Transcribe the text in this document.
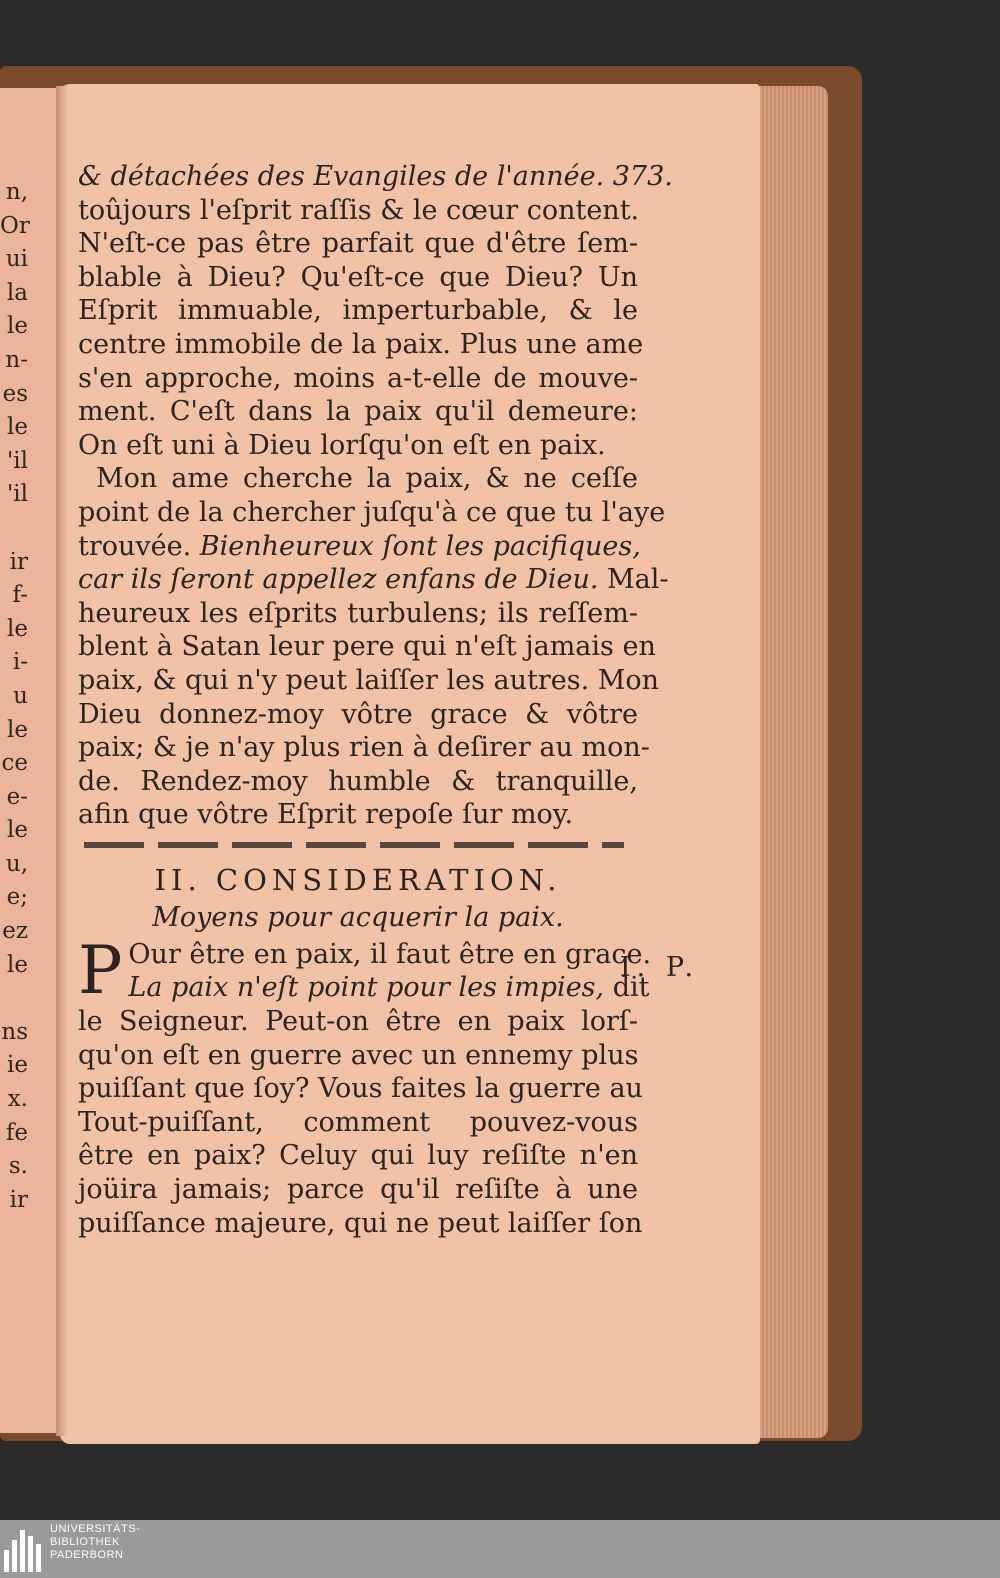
n,
Or
ui
la
le
n-
es
le
'il
'il
ir
f-
le
i-
u
le
ce
e-
le
u,
e;
ez
le
ns
ie
x.
fe
s.
ir
& détachées des Evangiles de l'année. 373.
toûjours l'eſprit raſſis & le cœur content.
N'eſt-ce pas être parfait que d'être ſem-
blable à Dieu? Qu'eſt-ce que Dieu? Un
Eſprit immuable, imperturbable, & le
centre immobile de la paix. Plus une ame
s'en approche, moins a-t-elle de mouve-
ment. C'eſt dans la paix qu'il demeure:
On eſt uni à Dieu lorſqu'on eſt en paix.
Mon ame cherche la paix, & ne ceſſe
point de la chercher juſqu'à ce que tu l'aye
trouvée. Bienheureux ſont les pacifiques,
car ils ſeront appellez enfans de Dieu. Mal-
heureux les eſprits turbulens; ils reſſem-
blent à Satan leur pere qui n'eſt jamais en
paix, & qui n'y peut laiſſer les autres. Mon
Dieu donnez-moy vôtre grace & vôtre
paix; & je n'ay plus rien à deſirer au mon-
de. Rendez-moy humble & tranquille,
afin que vôtre Eſprit repoſe ſur moy.
II. CONSIDERATION.
Moyens pour acquerir la paix.
P Our être en paix, il faut être en grace.
La paix n'eſt point pour les impies, dit
le Seigneur. Peut-on être en paix lorſ-
qu'on eſt en guerre avec un ennemy plus
puiſſant que ſoy? Vous faites la guerre au
Tout-puiſſant, comment pouvez-vous
être en paix? Celuy qui luy reſiſte n'en
joüira jamais; parce qu'il reſiſte à une
puiſſance majeure, qui ne peut laiſſer ſon
I. P.
UNIVERSITÄTS-
BIBLIOTHEK
PADERBORN
